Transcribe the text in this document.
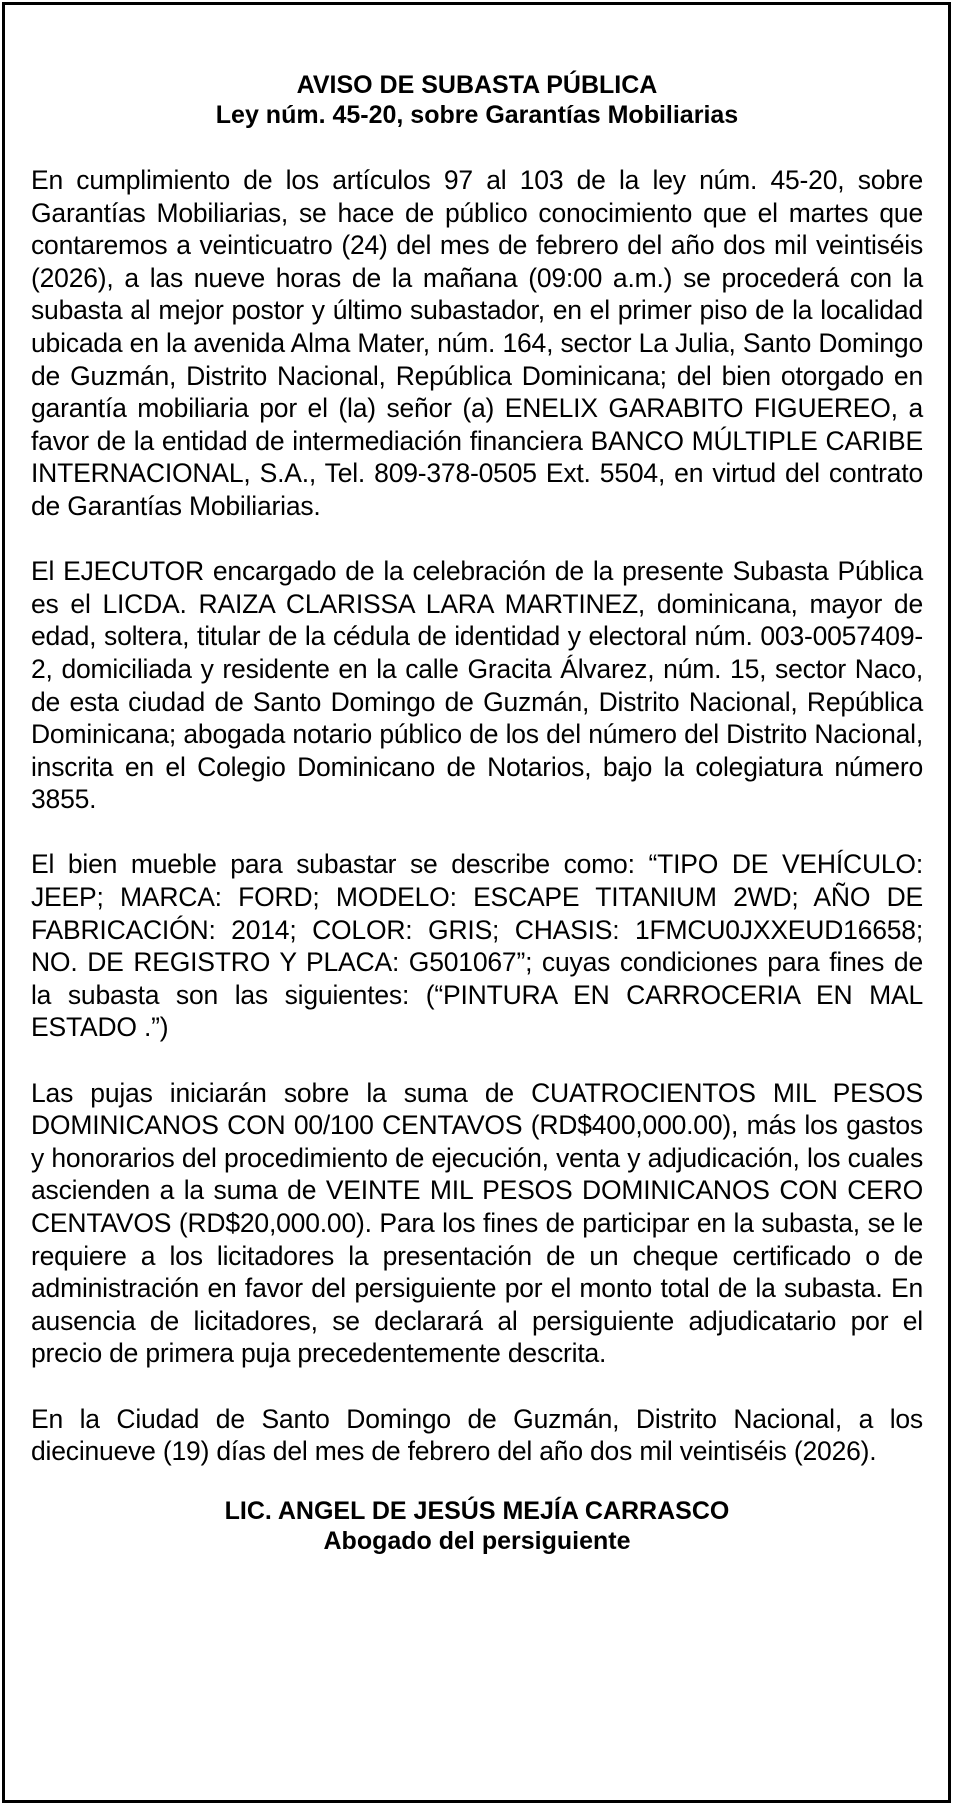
AVISO DE SUBASTA PÚBLICA
Ley núm. 45-20, sobre Garantías Mobiliarias

En cumplimiento de los artículos 97 al 103 de la ley núm. 45-20, sobre Garantías Mobiliarias, se hace de público conocimiento que el martes que contaremos a veinticuatro (24) del mes de febrero del año dos mil veintiséis (2026), a las nueve horas de la mañana (09:00 a.m.) se procederá con la subasta al mejor postor y último subastador, en el primer piso de la localidad ubicada en la avenida Alma Mater, núm. 164, sector La Julia, Santo Domingo de Guzmán, Distrito Nacional, República Dominicana; del bien otorgado en garantía mobiliaria por el (la) señor (a) ENELIX GARABITO FIGUEREO, a favor de la entidad de intermediación financiera BANCO MÚLTIPLE CARIBE INTERNACIONAL, S.A., Tel. 809-378-0505 Ext. 5504, en virtud del contrato de Garantías Mobiliarias.

El EJECUTOR encargado de la celebración de la presente Subasta Pública es el LICDA. RAIZA CLARISSA LARA MARTINEZ, dominicana, mayor de edad, soltera, titular de la cédula de identidad y electoral núm. 003-0057409-2, domiciliada y residente en la calle Gracita Álvarez, núm. 15, sector Naco, de esta ciudad de Santo Domingo de Guzmán, Distrito Nacional, República Dominicana; abogada notario público de los del número del Distrito Nacional, inscrita en el Colegio Dominicano de Notarios, bajo la colegiatura número 3855.

El bien mueble para subastar se describe como: “TIPO DE VEHÍCULO: JEEP; MARCA: FORD; MODELO: ESCAPE TITANIUM 2WD; AÑO DE FABRICACIÓN: 2014; COLOR: GRIS; CHASIS: 1FMCU0JXXEUD16658; NO. DE REGISTRO Y PLACA: G501067”; cuyas condiciones para fines de la subasta son las siguientes: (“PINTURA EN CARROCERIA EN MAL ESTADO .”)

Las pujas iniciarán sobre la suma de CUATROCIENTOS MIL PESOS DOMINICANOS CON 00/100 CENTAVOS (RD$400,000.00), más los gastos y honorarios del procedimiento de ejecución, venta y adjudicación, los cuales ascienden a la suma de VEINTE MIL PESOS DOMINICANOS CON CERO CENTAVOS (RD$20,000.00). Para los fines de participar en la subasta, se le requiere a los licitadores la presentación de un cheque certificado o de administración en favor del persiguiente por el monto total de la subasta. En ausencia de licitadores, se declarará al persiguiente adjudicatario por el precio de primera puja precedentemente descrita.

En la Ciudad de Santo Domingo de Guzmán, Distrito Nacional, a los diecinueve (19) días del mes de febrero del año dos mil veintiséis (2026).

LIC. ANGEL DE JESÚS MEJÍA CARRASCO
Abogado del persiguiente
